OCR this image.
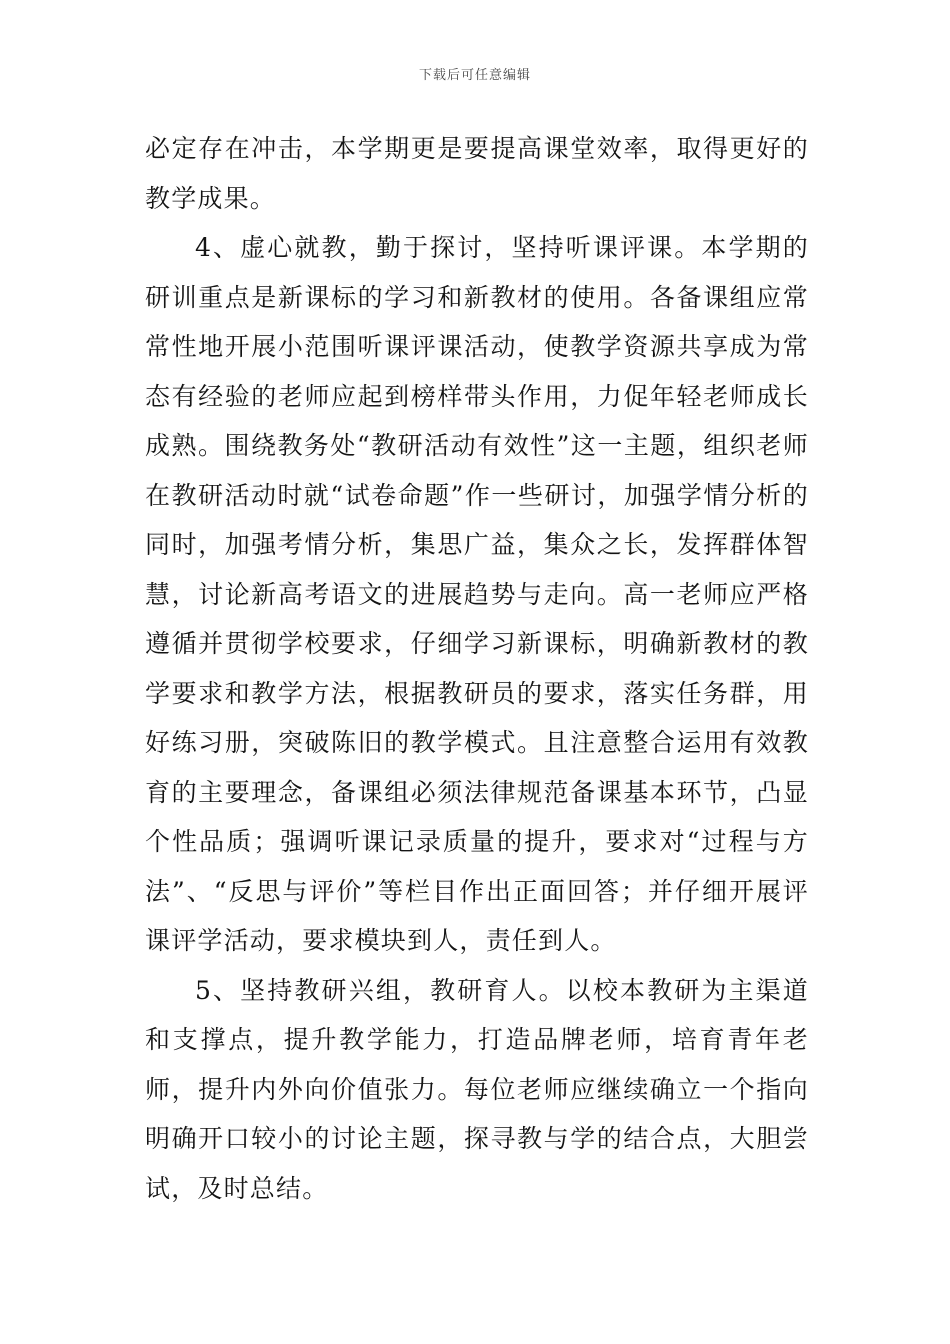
下载后可任意编辑

必定存在冲击，本学期更是要提高课堂效率，取得更好的教学成果。

4、虚心就教，勤于探讨，坚持听课评课。本学期的研训重点是新课标的学习和新教材的使用。各备课组应常常性地开展小范围听课评课活动，使教学资源共享成为常态有经验的老师应起到榜样带头作用，力促年轻老师成长成熟。围绕教务处“教研活动有效性”这一主题，组织老师在教研活动时就“试卷命题”作一些研讨，加强学情分析的同时，加强考情分析，集思广益，集众之长，发挥群体智慧，讨论新高考语文的进展趋势与走向。高一老师应严格遵循并贯彻学校要求，仔细学习新课标，明确新教材的教学要求和教学方法，根据教研员的要求，落实任务群，用好练习册，突破陈旧的教学模式。且注意整合运用有效教育的主要理念，备课组必须法律规范备课基本环节，凸显个性品质；强调听课记录质量的提升，要求对“过程与方法”、“反思与评价”等栏目作出正面回答；并仔细开展评课评学活动，要求模块到人，责任到人。

5、坚持教研兴组，教研育人。以校本教研为主渠道和支撑点，提升教学能力，打造品牌老师，培育青年老师，提升内外向价值张力。每位老师应继续确立一个指向明确开口较小的讨论主题，探寻教与学的结合点，大胆尝试，及时总结。
